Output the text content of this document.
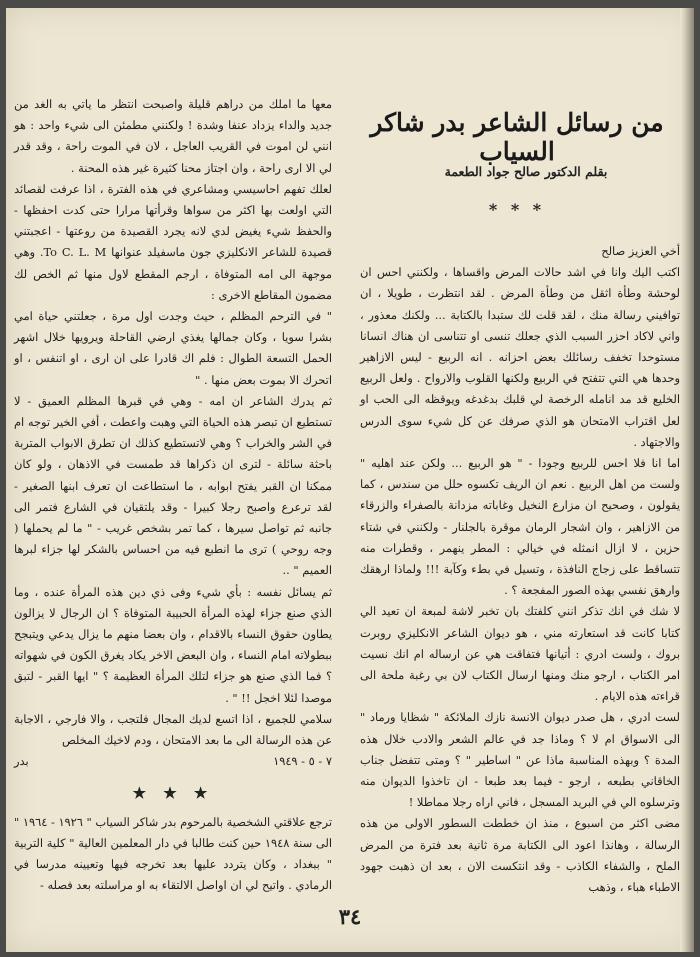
من رسائل الشاعر بدر شاكر السياب
بقلم الدكتور صالح جواد الطعمة
* * *

أخي العزيز صالح

اكتب اليك وانا في اشد حالات المرض واقساها ، ولكنني احس ان لوحشة وطأة اثقل من وطأة المرض . لقد انتظرت ، طويلا ، ان توافيني رسالة منك ، لقد قلت لك ستبدا بالكتابة ... ولكنك معذور ، واني لاكاد احزر السبب الذي جعلك تنسى او تتناسى ان هناك انسانا مستوحدا تخفف رسائلك بعض احزانه . انه الربيع - ليس الازاهير وحدها هي التي تتفتح في الربيع ولكنها القلوب والارواح . ولعل الربيع الخليع قد مد انامله الرخصة لي قلبك بدغدغه ويوقظه الى الحب او لعل اقتراب الامتحان هو الذي صرفك عن كل شيء سوى الدرس والاجتهاد .

اما انا فلا احس للربيع وجودا - " هو الربيع ... ولكن عند اهليه " ولست من اهل الربيع . نعم ان الريف تكسوه حلل من سندس ، كما يقولون ، وصحيح ان مزارع النخيل وغاباته مزدانة بالصفراء والزرقاء من الازاهير ، وان اشجار الرمان موقرة بالجلنار - ولكنني في شتاء حزين ، لا ازال انمثله في خيالي : المطر ينهمر ، وقطرات منه تتساقط على زجاج النافذة ، وتسيل في بطء وكآبة !!! ولماذا ارهقك وارهق نفسي بهذه الصور المفجعة ؟ .

لا شك في انك تذكر انني كلفتك بان تخبر لاشة لمبعة ان تعيد الي كتابا كانت قد استعارته مني ، هو ديوان الشاعر الانكليزي روبرت بروك ، ولست ادري : أتيانها فتفاقت هي عن ارساله ام انك نسيت امر الكتاب ، ارجو منك ومنها ارسال الكتاب لان بي رغبة ملحة الى قراءته هذه الايام .

لست ادري ، هل صدر ديوان الانسة نازك الملائكة " شظايا ورماد " الى الاسواق ام لا ؟ وماذا جد في عالم الشعر والادب خلال هذه المدة ؟ وبهذه المناسبة ماذا عن " اساطير " ؟ ومتى تتفضل جناب الخاقاني بطبعه ، ارجو - فيما بعد طبعا - ان تاخذوا الديوان منه وترسلوه الي في البريد المسجل ، فاني اراه رجلا مماطلا !

مضى اكثر من اسبوع ، منذ ان خططت السطور الاولى من هذه الرسالة ، وهانذا اعود الى الكتابة مرة ثانية بعد فترة من المرض الملح ، والشفاء الكاذب - وقد انتكست الان ، بعد ان ذهبت جهود الاطباء هباء ، وذهب

معها ما املك من دراهم قليلة واصبحت انتظر ما ياتي به الغد من جديد والداء يزداد عنفا وشدة ! ولكنني مطمئن الى شيء واحد : هو انني لن اموت في القريب العاجل ، لان في الموت راحة ، وقد قدر لي الا ارى راحة ، وان اجتاز محنا كثيرة غير هذه المحنة .

لعلك تفهم احاسيسي ومشاعري في هذه الفترة ، اذا عرفت لقصائد التي اولعت بها اكثر من سواها وقرأتها مرارا حتى كدت احفظها - والحفظ شيء يغيض لدي لانه يجرد القصيدة من روعتها - اعجبتني قصيدة للشاعر الانكليزي جون ماسفيلد عنوانها To C. L. M. وهي موجهة الى امه المتوفاة ، ارجم المقطع لاول منها ثم الخص لك مضمون المقاطع الاخرى :

" في الترحم المظلم ، حيث وجدت اول مرة ، جعلتني حياة امي بشرا سويا ، وكان جمالها يغذي ارضي القاحلة ويرويها خلال اشهر الحمل التسعة الطوال : فلم اك قادرا على ان ارى ، او اتنفس ، او اتحرك الا بموت بعض منها . "

ثم يدرك الشاعر ان امه - وهي في قبرها المظلم العميق - لا تستطيع ان تبصر هذه الحياة التي وهبت واعطت ، أفي الخير توجه ام في الشر والخراب ؟ وهي لاتستطيع كذلك ان تطرق الابواب المتربة باحثة سائلة - لترى ان ذكراها قد طمست في الاذهان ، ولو كان ممكنا ان القبر يفتح ابوابه ، ما استطاعت ان تعرف ابنها الصغير - لقد ترعرع واصبح رجلا كبيرا - وقد يلتقيان في الشارع فتمر الى جانبه ثم تواصل سيرها ، كما تمر بشخص غريب - " ما لم يحملها ( وجه روحي ) ترى ما انطبع فيه من احساس بالشكر لها جزاء لبرها العميم " ..

ثم يسائل نفسه : بأي شيء وفى ذي دين هذه المرأة عنده ، وما الذي صنع جزاء لهذه المرأة الحبيبة المتوفاة ؟ ان الرجال لا يزالون يطاون حقوق النساء بالاقدام ، وان بعضا منهم ما يزال يدعي ويتبجح ببطولاته امام النساء ، وان البعض الاخر يكاد يغرق الكون في شهواته ؟ فما الذي صنع هو جزاء لتلك المرأة العظيمة ؟ " ايها القبر - لتبق موصدا لئلا اخجل !! " .

سلامي للجميع ، اذا اتسع لديك المجال فلتجب ، والا فارجي ، الاجابة عن هذه الرسالة الى ما بعد الامتحان ، ودم لاخيك المخلص

٧ - ٥ - ١٩٤٩
بدر
★ ★ ★

ترجع علاقتي الشخصية بالمرحوم بدر شاكر السياب " ١٩٢٦ - ١٩٦٤ " الى سنة ١٩٤٨ حين كنت طالبا في دار المعلمين العالية " كلية التربية " ببغداد ، وكان يتردد عليها بعد تخرجه فيها وتعيينه مدرسا في الرمادي . واتيح لي ان اواصل الالتقاء به او مراسلته بعد فصله -

٣٤
